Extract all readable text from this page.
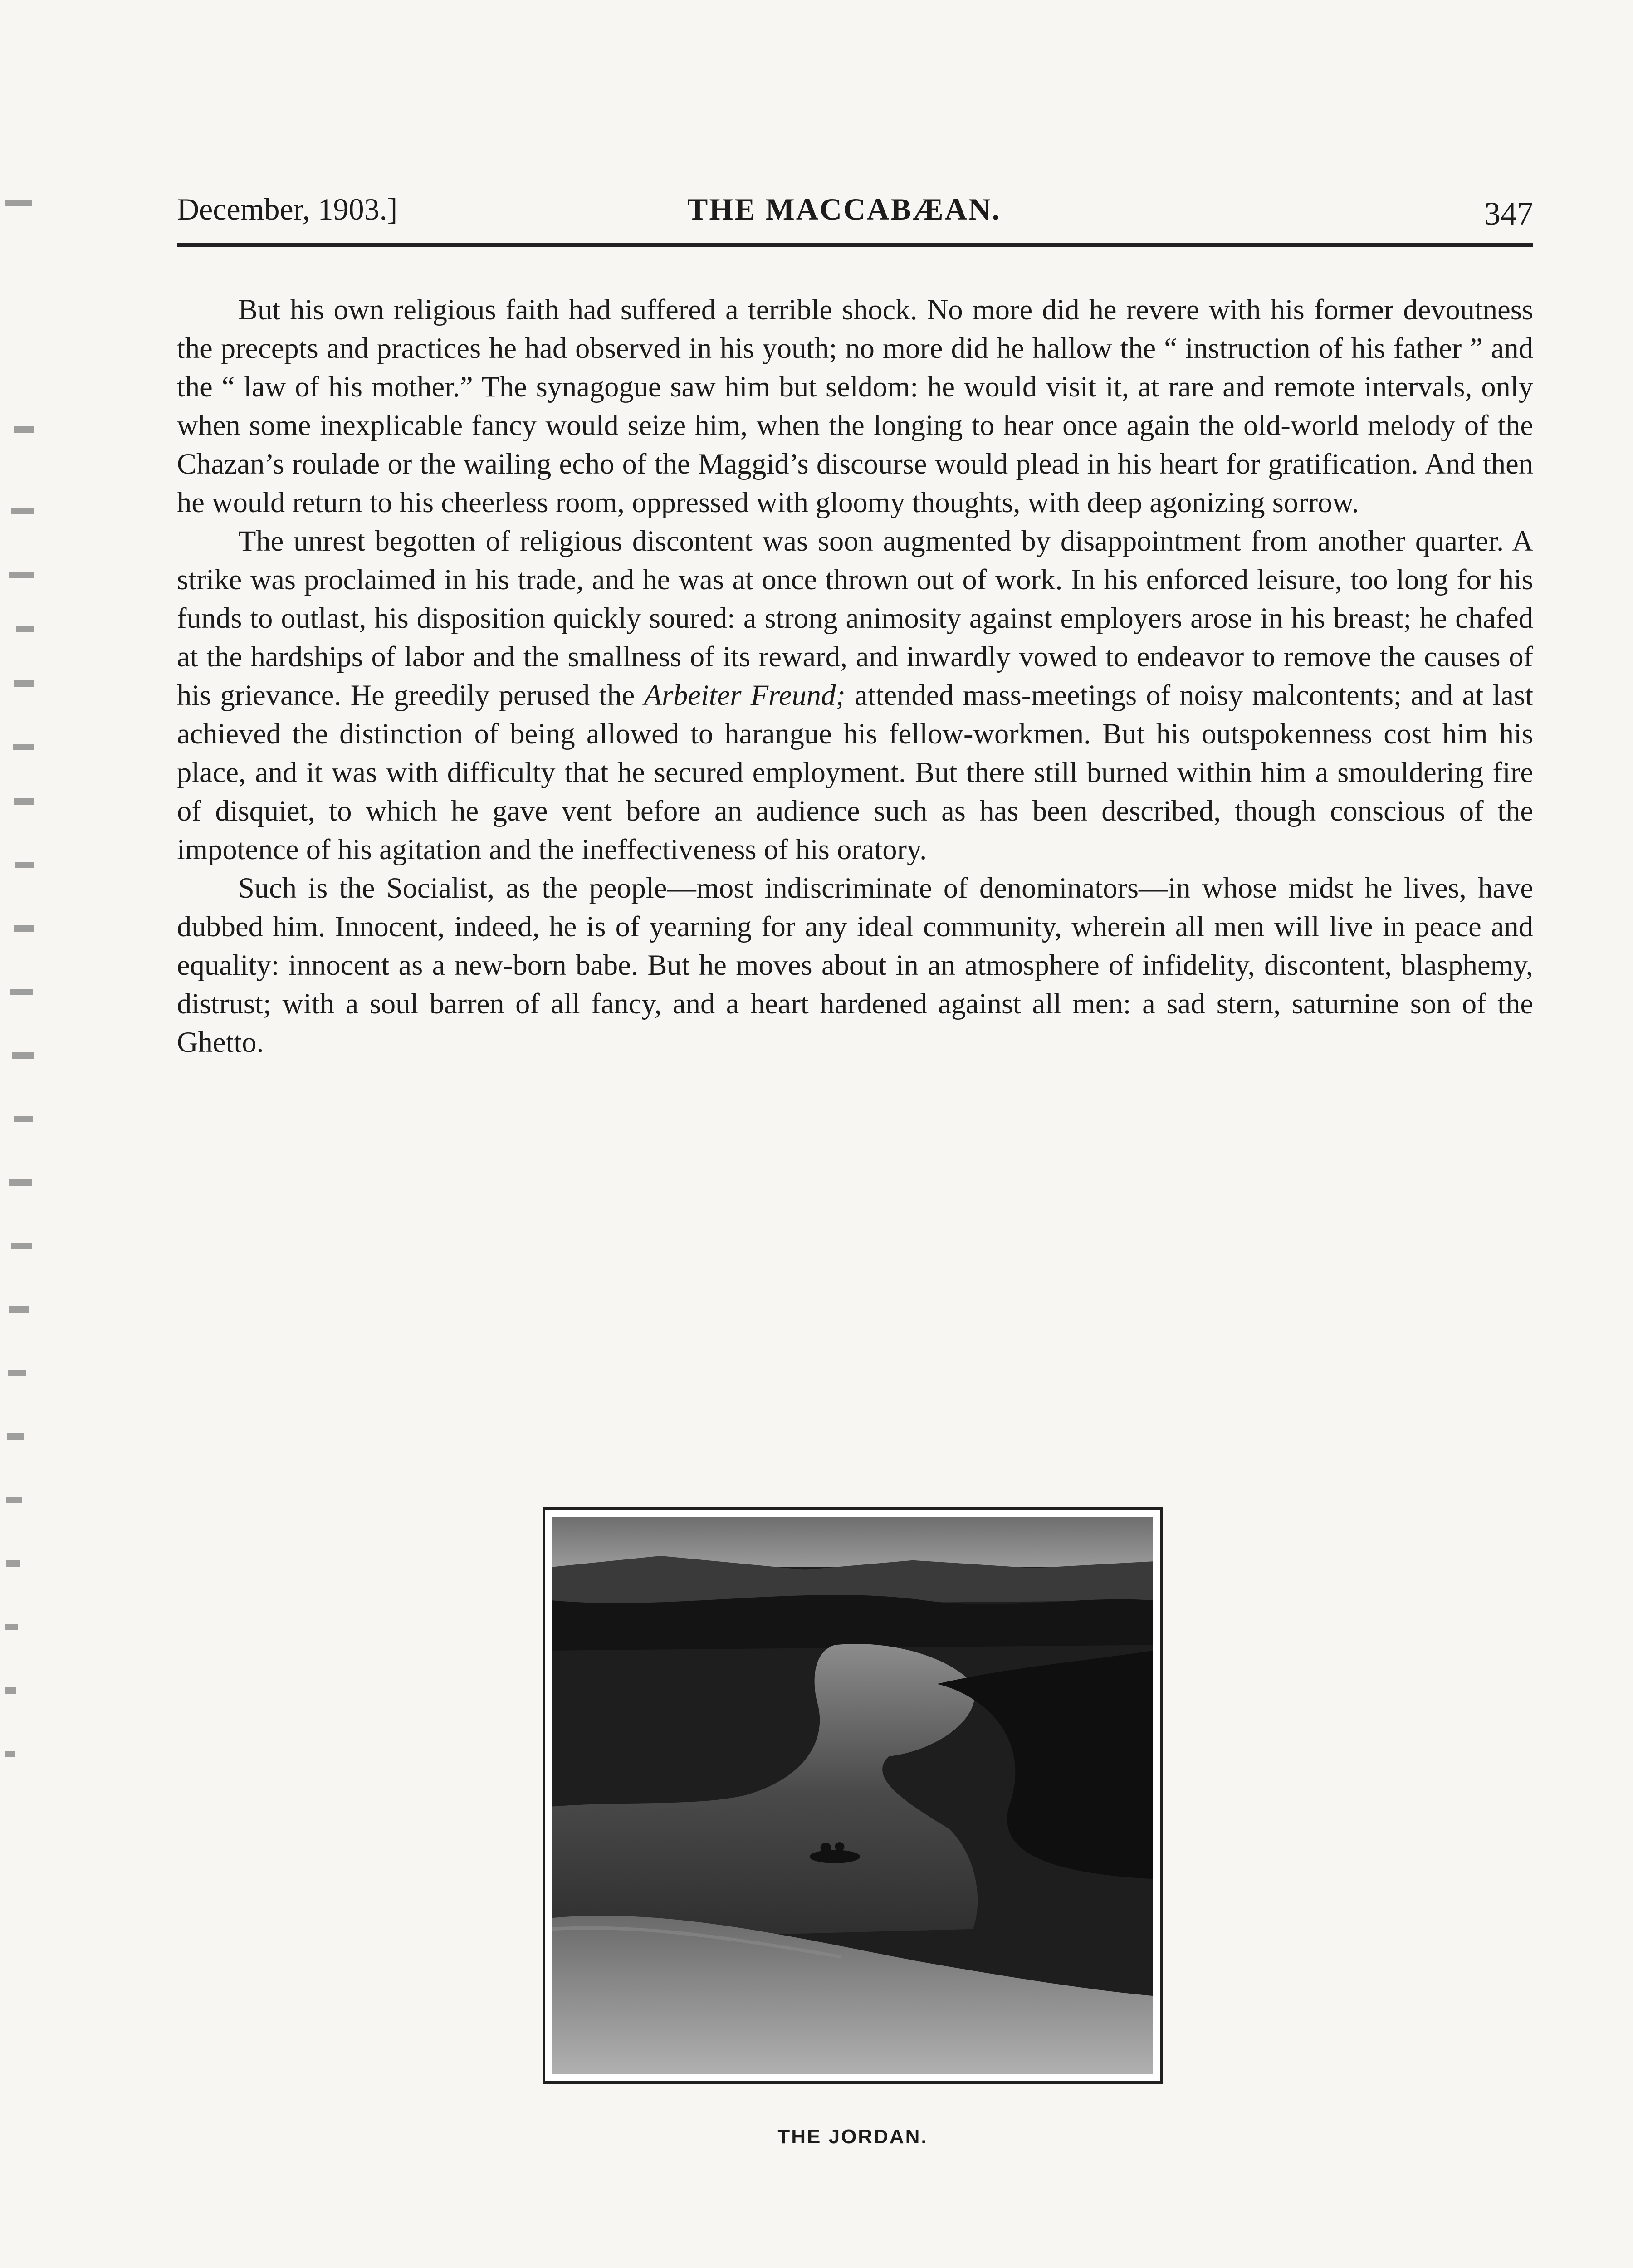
December, 1903.]	THE MACCABÆAN.	347

But his own religious faith had suffered a terrible shock. No more did he revere with his former devoutness the precepts and practices he had observed in his youth; no more did he hallow the “ instruction of his father ” and the “ law of his mother.” The synagogue saw him but seldom: he would visit it, at rare and remote intervals, only when some inexplicable fancy would seize him, when the longing to hear once again the old-world melody of the Chazan’s roulade or the wailing echo of the Maggid’s discourse would plead in his heart for gratification. And then he would return to his cheerless room, oppressed with gloomy thoughts, with deep agonizing sorrow.

The unrest begotten of religious discontent was soon augmented by disappointment from another quarter. A strike was proclaimed in his trade, and he was at once thrown out of work. In his enforced leisure, too long for his funds to outlast, his disposition quickly soured: a strong animosity against employers arose in his breast; he chafed at the hardships of labor and the smallness of its reward, and inwardly vowed to endeavor to remove the causes of his grievance. He greedily perused the Arbeiter Freund; attended mass-meetings of noisy malcontents; and at last achieved the distinction of being allowed to harangue his fellow-workmen. But his outspokenness cost him his place, and it was with difficulty that he secured employment. But there still burned within him a smouldering fire of disquiet, to which he gave vent before an audience such as has been described, though conscious of the impotence of his agitation and the ineffectiveness of his oratory.

Such is the Socialist, as the people—most indiscriminate of denominators—in whose midst he lives, have dubbed him. Innocent, indeed, he is of yearning for any ideal community, wherein all men will live in peace and equality: innocent as a new-born babe. But he moves about in an atmosphere of infidelity, discontent, blasphemy, distrust; with a soul barren of all fancy, and a heart hardened against all men: a sad stern, saturnine son of the Ghetto.

THE JORDAN.
